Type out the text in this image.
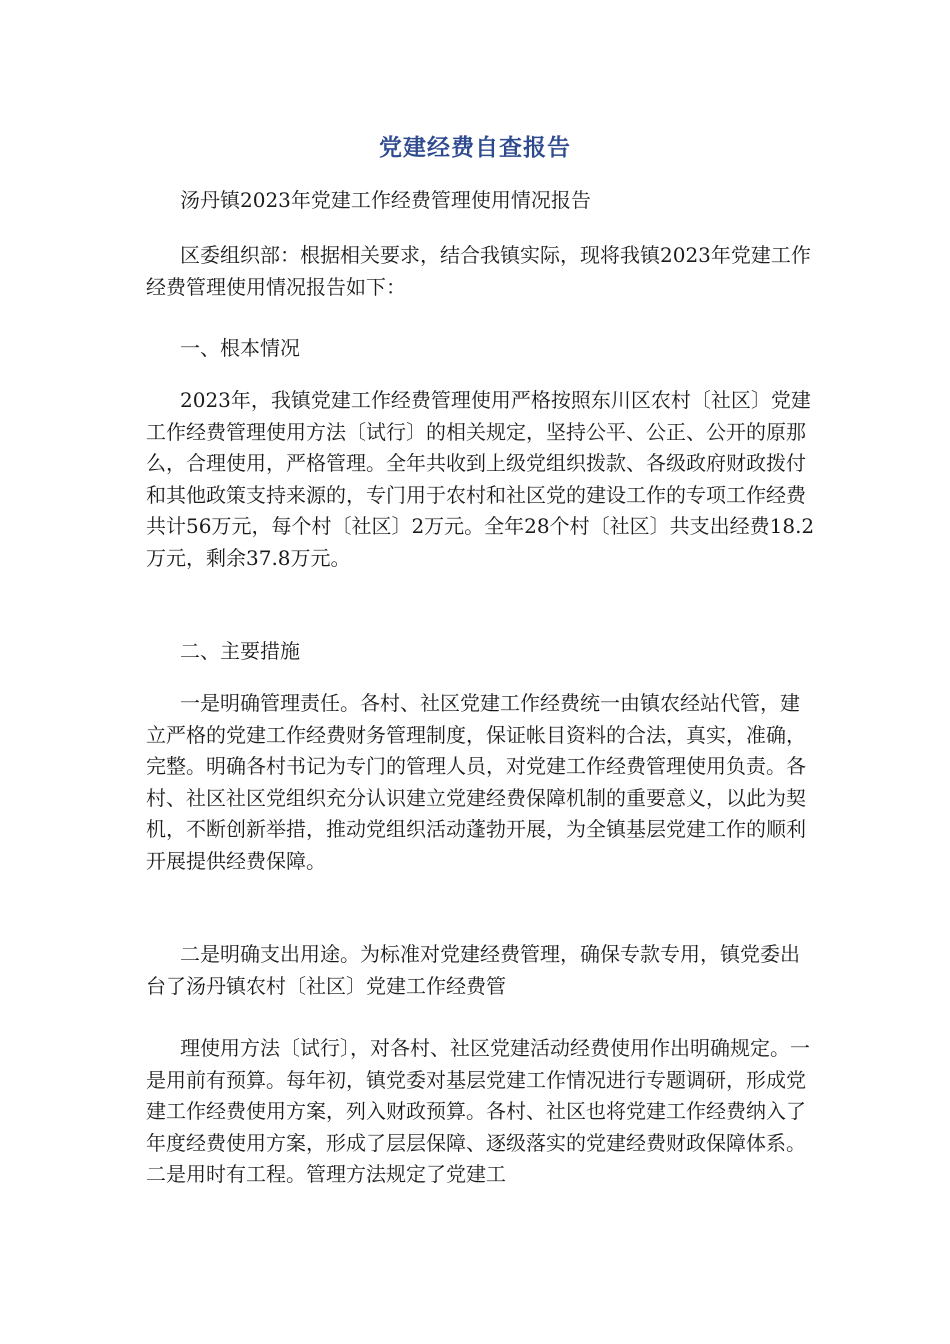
党建经费自查报告

汤丹镇2023年党建工作经费管理使用情况报告

区委组织部：根据相关要求，结合我镇实际，现将我镇2023年党建工作经费管理使用情况报告如下：

一、根本情况

2023年，我镇党建工作经费管理使用严格按照东川区农村〔社区〕党建工作经费管理使用方法〔试行〕的相关规定，坚持公平、公正、公开的原那么，合理使用，严格管理。全年共收到上级党组织拨款、各级政府财政拨付和其他政策支持来源的，专门用于农村和社区党的建设工作的专项工作经费共计56万元，每个村〔社区〕2万元。全年28个村〔社区〕共支出经费18.2万元，剩余37.8万元。

二、主要措施

一是明确管理责任。各村、社区党建工作经费统一由镇农经站代管，建立严格的党建工作经费财务管理制度，保证帐目资料的合法，真实，准确，完整。明确各村书记为专门的管理人员，对党建工作经费管理使用负责。各村、社区社区党组织充分认识建立党建经费保障机制的重要意义，以此为契机，不断创新举措，推动党组织活动蓬勃开展，为全镇基层党建工作的顺利开展提供经费保障。

二是明确支出用途。为标准对党建经费管理，确保专款专用，镇党委出台了汤丹镇农村〔社区〕党建工作经费管

理使用方法〔试行〕，对各村、社区党建活动经费使用作出明确规定。一是用前有预算。每年初，镇党委对基层党建工作情况进行专题调研，形成党建工作经费使用方案，列入财政预算。各村、社区也将党建工作经费纳入了年度经费使用方案，形成了层层保障、逐级落实的党建经费财政保障体系。二是用时有工程。管理方法规定了党建工
